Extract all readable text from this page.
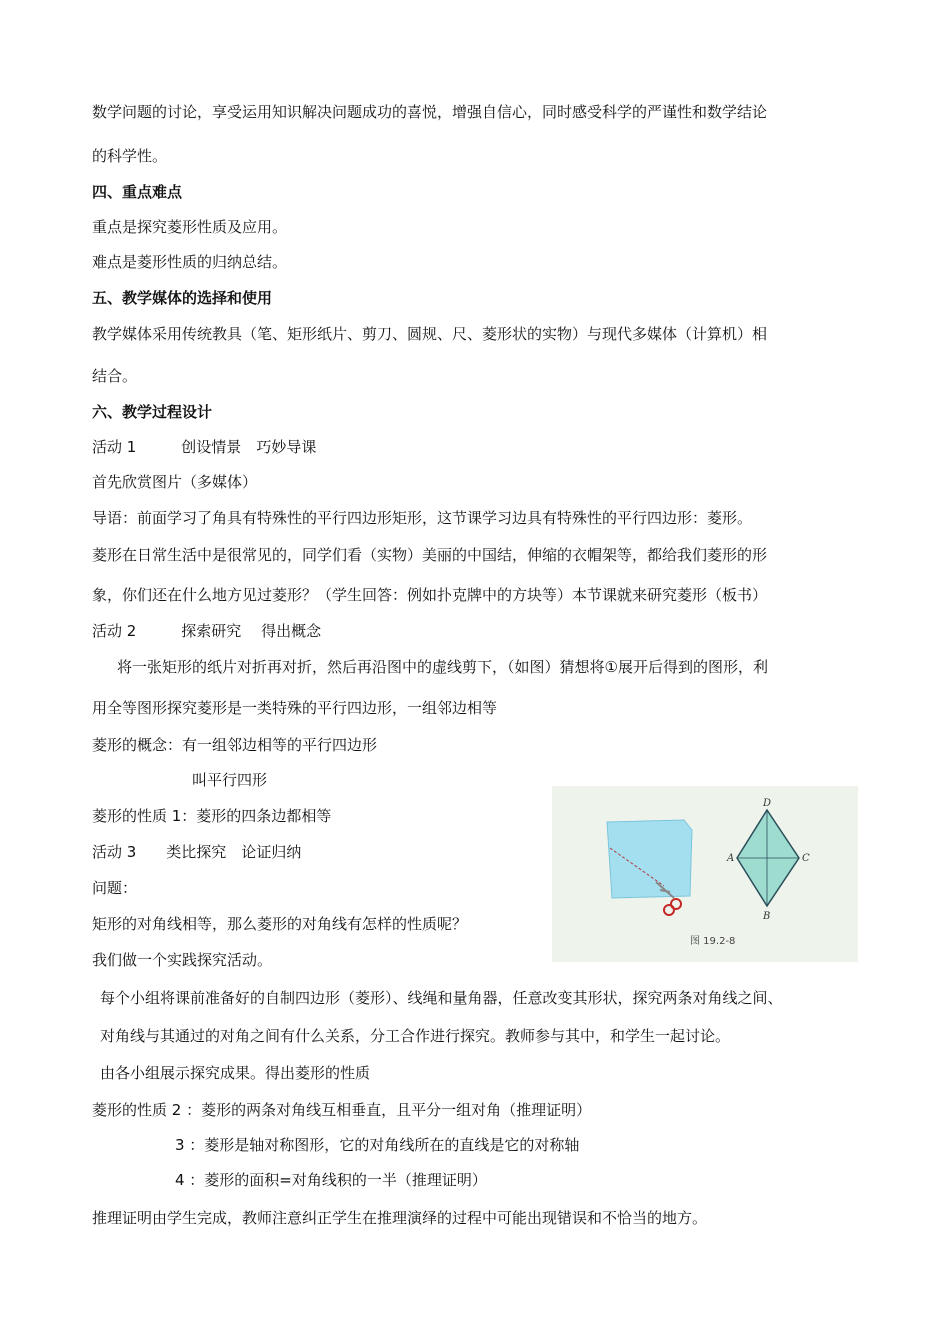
数学问题的讨论，享受运用知识解决问题成功的喜悦，增强自信心，同时感受科学的严谨性和数学结论
的科学性。
四、重点难点
重点是探究菱形性质及应用。
难点是菱形性质的归纳总结。
五、教学媒体的选择和使用
教学媒体采用传统教具（笔、矩形纸片、剪刀、圆规、尺、菱形状的实物）与现代多媒体（计算机）相
结合。
六、教学过程设计
活动 1　　　创设情景　巧妙导课
首先欣赏图片（多媒体）
导语：前面学习了角具有特殊性的平行四边形矩形，这节课学习边具有特殊性的平行四边形：菱形。
菱形在日常生活中是很常见的，同学们看（实物）美丽的中国结，伸缩的衣帽架等，都给我们菱形的形
象，你们还在什么地方见过菱形？（学生回答：例如扑克牌中的方块等）本节课就来研究菱形（板书）
活动 2　　　探索研究　 得出概念
将一张矩形的纸片对折再对折，然后再沿图中的虚线剪下，（如图）猜想将①展开后得到的图形，利
用全等图形探究菱形是一类特殊的平行四边形，一组邻边相等
菱形的概念：有一组邻边相等的平行四边形
叫平行四形
菱形的性质 1：菱形的四条边都相等
活动 3　　类比探究　论证归纳
问题：
矩形的对角线相等，那么菱形的对角线有怎样的性质呢？
我们做一个实践探究活动。
每个小组将课前准备好的自制四边形（菱形）、线绳和量角器，任意改变其形状，探究两条对角线之间、
对角线与其通过的对角之间有什么关系，分工合作进行探究。教师参与其中，和学生一起讨论。
由各小组展示探究成果。得出菱形的性质
菱形的性质 2 ：菱形的两条对角线互相垂直，且平分一组对角（推理证明）
3 ：菱形是轴对称图形，它的对角线所在的直线是它的对称轴
4 ：菱形的面积=对角线积的一半（推理证明）
推理证明由学生完成，教师注意纠正学生在推理演绎的过程中可能出现错误和不恰当的地方。
D
A	C
B
图 19.2-8
